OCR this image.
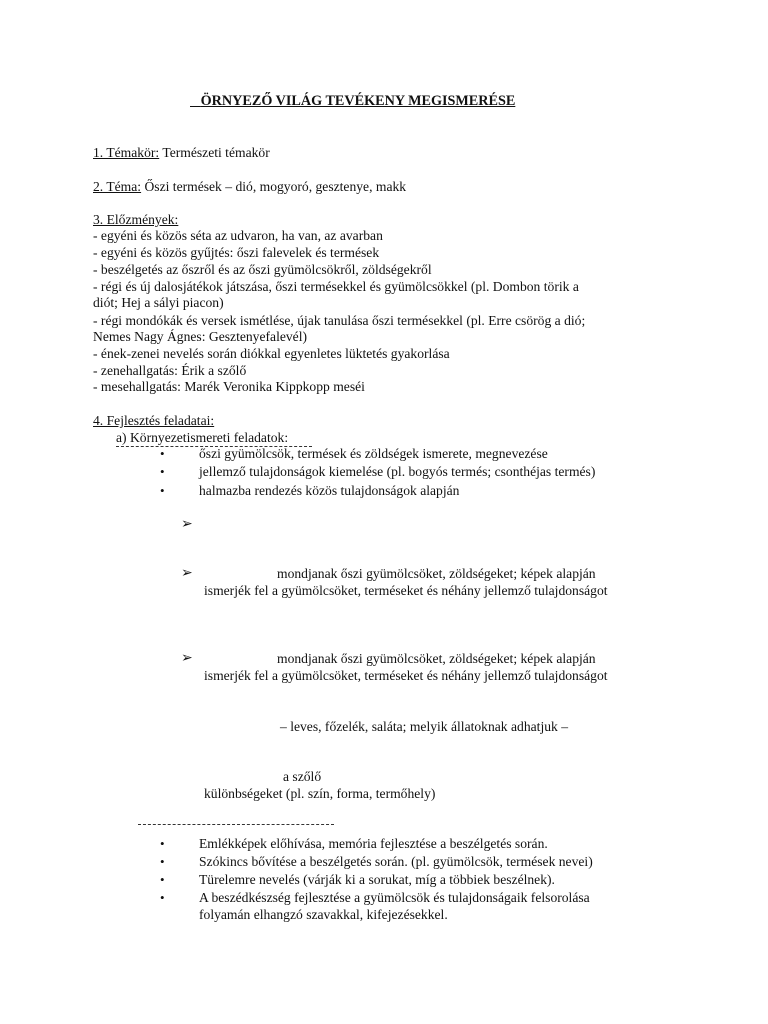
ÖRNYEZŐ VILÁG TEVÉKENY MEGISMERÉSE
1. Témakör: Természeti témakör
2. Téma: Őszi termések – dió, mogyoró, gesztenye, makk
3. Előzmények:
- egyéni és közös séta az udvaron, ha van, az avarban
- egyéni és közös gyűjtés: őszi falevelek és termések
- beszélgetés az őszről és az őszi gyümölcsökről, zöldségekről
- régi és új dalosjátékok játszása, őszi termésekkel és gyümölcsökkel (pl. Dombon törik a
diót; Hej a sályi piacon)
- régi mondókák és versek ismétlése, újak tanulása őszi termésekkel (pl. Erre csörög a dió;
Nemes Nagy Ágnes: Gesztenyefalevél)
- ének-zenei nevelés során diókkal egyenletes lüktetés gyakorlása
- zenehallgatás: Érik a szőlő
- mesehallgatás: Marék Veronika Kippkopp meséi
4. Fejlesztés feladatai:
a) Környezetismereti feladatok:
•	őszi gyümölcsök, termések és zöldségek ismerete, megnevezése
•	jellemző tulajdonságok kiemelése (pl. bogyós termés; csonthéjas termés)
•	halmazba rendezés közös tulajdonságok alapján
➢
➢	mondjanak őszi gyümölcsöket, zöldségeket; képek alapján
ismerjék fel a gyümölcsöket, terméseket és néhány jellemző tulajdonságot
➢	mondjanak őszi gyümölcsöket, zöldségeket; képek alapján
ismerjék fel a gyümölcsöket, terméseket és néhány jellemző tulajdonságot
– leves, főzelék, saláta; melyik állatoknak adhatjuk –
a szőlő
különbségeket (pl. szín, forma, termőhely)
•	Emlékképek előhívása, memória fejlesztése a beszélgetés során.
•	Szókincs bővítése a beszélgetés során. (pl. gyümölcsök, termések nevei)
•	Türelemre nevelés (várják ki a sorukat, míg a többiek beszélnek).
•	A beszédkészség fejlesztése a gyümölcsök és tulajdonságaik felsorolása
folyamán elhangzó szavakkal, kifejezésekkel.
